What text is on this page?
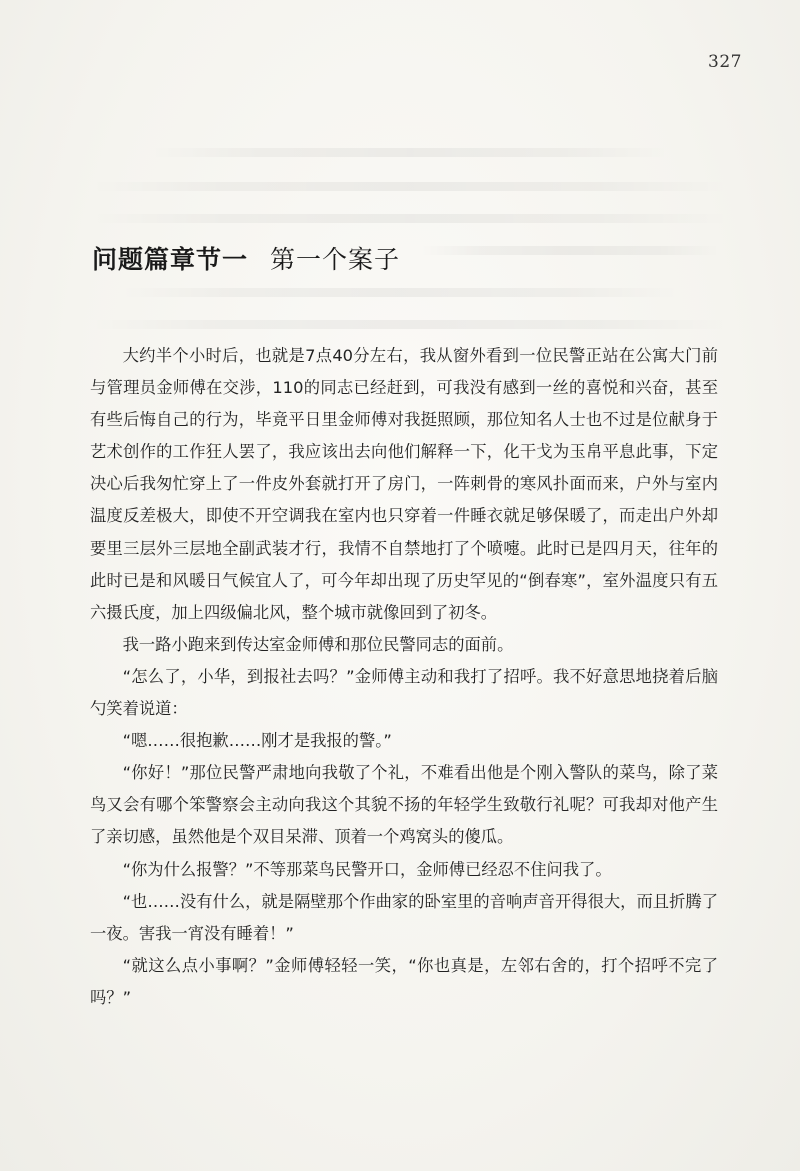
327
问题篇章节一 第一个案子

大约半个小时后，也就是7点40分左右，我从窗外看到一位民警正站在公寓大门前与管理员金师傅在交涉，110的同志已经赶到，可我没有感到一丝的喜悦和兴奋，甚至有些后悔自己的行为，毕竟平日里金师傅对我挺照顾，那位知名人士也不过是位献身于艺术创作的工作狂人罢了，我应该出去向他们解释一下，化干戈为玉帛平息此事，下定决心后我匆忙穿上了一件皮外套就打开了房门，一阵刺骨的寒风扑面而来，户外与室内温度反差极大，即使不开空调我在室内也只穿着一件睡衣就足够保暖了，而走出户外却要里三层外三层地全副武装才行，我情不自禁地打了个喷嚏。此时已是四月天，往年的此时已是和风暖日气候宜人了，可今年却出现了历史罕见的“倒春寒”，室外温度只有五六摄氏度，加上四级偏北风，整个城市就像回到了初冬。

我一路小跑来到传达室金师傅和那位民警同志的面前。

“怎么了，小华，到报社去吗？”金师傅主动和我打了招呼。我不好意思地挠着后脑勺笑着说道：

“嗯……很抱歉……刚才是我报的警。”

“你好！”那位民警严肃地向我敬了个礼，不难看出他是个刚入警队的菜鸟，除了菜鸟又会有哪个笨警察会主动向我这个其貌不扬的年轻学生致敬行礼呢？可我却对他产生了亲切感，虽然他是个双目呆滞、顶着一个鸡窝头的傻瓜。

“你为什么报警？”不等那菜鸟民警开口，金师傅已经忍不住问我了。

“也……没有什么，就是隔壁那个作曲家的卧室里的音响声音开得很大，而且折腾了一夜。害我一宵没有睡着！”

“就这么点小事啊？”金师傅轻轻一笑，“你也真是，左邻右舍的，打个招呼不完了吗？”
